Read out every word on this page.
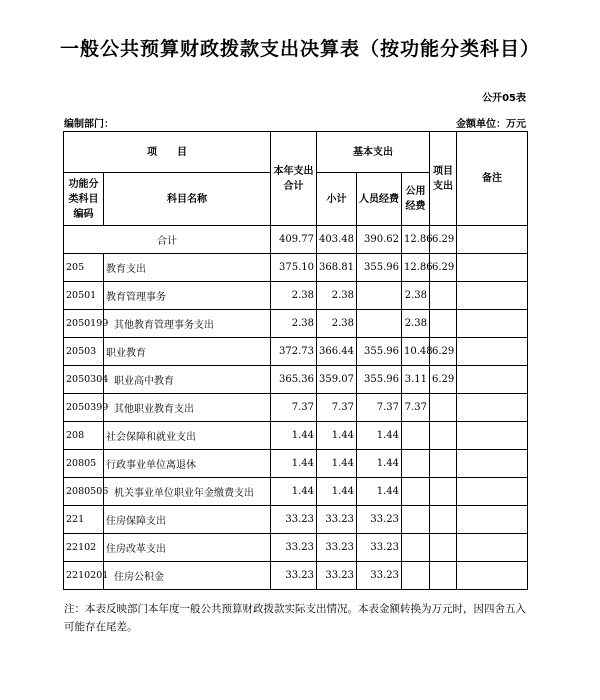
一般公共预算财政拨款支出决算表（按功能分类科目）
公开05表
编制部门：	金额单位：万元
项　　目		本年支出合计	基本支出			项目支出	备注
功能分类科目编码	科目名称		小计	人员经费	公用经费		
合计		409.77	403.48	390.62	12.86	6.29	
205	教育支出	375.10	368.81	355.96	12.86	6.29	
20501	教育管理事务	2.38	2.38		2.38		
2050199	其他教育管理事务支出	2.38	2.38		2.38		
20503	职业教育	372.73	366.44	355.96	10.48	6.29	
2050304	职业高中教育	365.36	359.07	355.96	3.11	6.29	
2050399	其他职业教育支出	7.37	7.37	7.37	7.37		
208	社会保障和就业支出	1.44	1.44	1.44			
20805	行政事业单位离退休	1.44	1.44	1.44			
2080506	机关事业单位职业年金缴费支出	1.44	1.44	1.44			
221	住房保障支出	33.23	33.23	33.23			
22102	住房改革支出	33.23	33.23	33.23			
2210201	住房公积金	33.23	33.23	33.23			
注：本表反映部门本年度一般公共预算财政拨款实际支出情况。本表金额转换为万元时，因四舍五入可能存在尾差。
